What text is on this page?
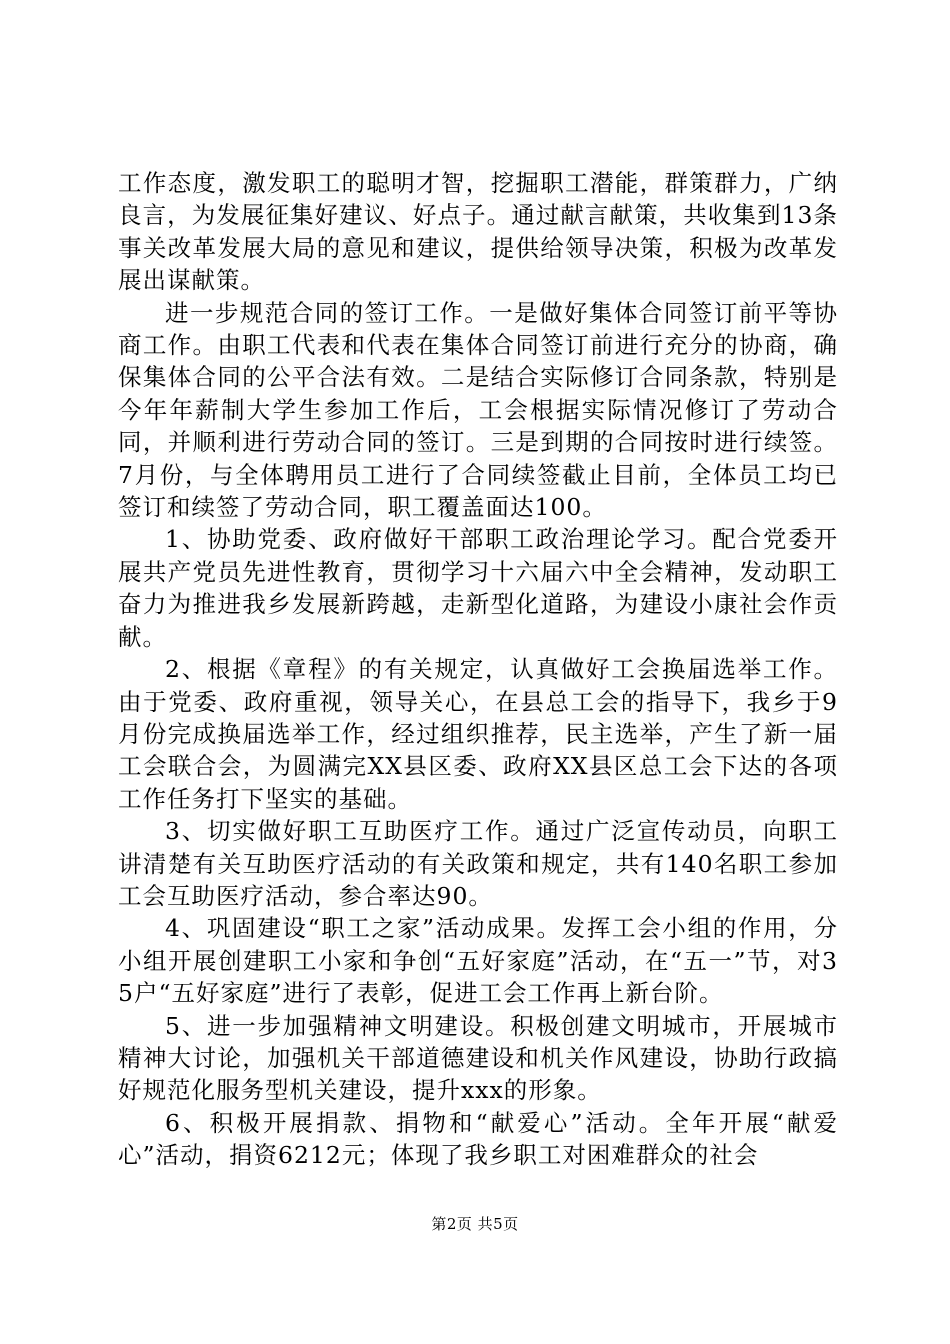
工作态度，激发职工的聪明才智，挖掘职工潜能，群策群力，广纳良言，为发展征集好建议、好点子。通过献言献策，共收集到13条事关改革发展大局的意见和建议，提供给领导决策，积极为改革发展出谋献策。

进一步规范合同的签订工作。一是做好集体合同签订前平等协商工作。由职工代表和代表在集体合同签订前进行充分的协商，确保集体合同的公平合法有效。二是结合实际修订合同条款，特别是今年年薪制大学生参加工作后，工会根据实际情况修订了劳动合同，并顺利进行劳动合同的签订。三是到期的合同按时进行续签。7月份，与全体聘用员工进行了合同续签截止目前，全体员工均已签订和续签了劳动合同，职工覆盖面达100。

1、协助党委、政府做好干部职工政治理论学习。配合党委开展共产党员先进性教育，贯彻学习十六届六中全会精神，发动职工奋力为推进我乡发展新跨越，走新型化道路，为建设小康社会作贡献。

2、根据《章程》的有关规定，认真做好工会换届选举工作。由于党委、政府重视，领导关心，在县总工会的指导下，我乡于9月份完成换届选举工作，经过组织推荐，民主选举，产生了新一届工会联合会，为圆满完XX县区委、政府XX县区总工会下达的各项工作任务打下坚实的基础。

3、切实做好职工互助医疗工作。通过广泛宣传动员，向职工讲清楚有关互助医疗活动的有关政策和规定，共有140名职工参加工会互助医疗活动，参合率达90。

4、巩固建设“职工之家”活动成果。发挥工会小组的作用，分小组开展创建职工小家和争创“五好家庭”活动，在“五一”节，对35户“五好家庭”进行了表彰，促进工会工作再上新台阶。

5、进一步加强精神文明建设。积极创建文明城市，开展城市精神大讨论，加强机关干部道德建设和机关作风建设，协助行政搞好规范化服务型机关建设，提升xxx的形象。

6、积极开展捐款、捐物和“献爱心”活动。全年开展“献爱心”活动，捐资6212元；体现了我乡职工对困难群众的社会

第2页 共5页
